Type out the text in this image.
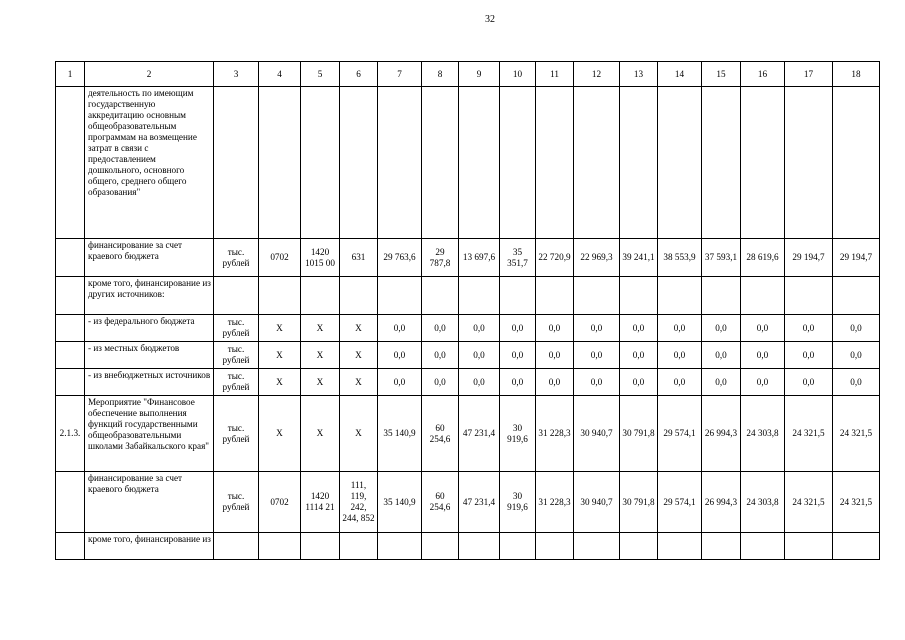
32
1	2	3	4	5	6	7	8	9	10	11	12	13	14	15	16	17	18
	деятельность по имеющим государственную аккредитацию основным общеобразовательным программам на возмещение затрат в связи с предоставлением дошкольного, основного общего, среднего общего образования"																
	финансирование за счет краевого бюджета	тыс. рублей	0702	1420 1015 00	631	29 763,6	29 787,8	13 697,6	35 351,7	22 720,9	22 969,3	39 241,1	38 553,9	37 593,1	28 619,6	29 194,7	29 194,7
	кроме того, финансирование из других источников:																
	- из федерального бюджета	тыс. рублей	X	X	X	0,0	0,0	0,0	0,0	0,0	0,0	0,0	0,0	0,0	0,0	0,0	0,0
	- из местных бюджетов	тыс. рублей	X	X	X	0,0	0,0	0,0	0,0	0,0	0,0	0,0	0,0	0,0	0,0	0,0	0,0
	- из внебюджетных источников	тыс. рублей	X	X	X	0,0	0,0	0,0	0,0	0,0	0,0	0,0	0,0	0,0	0,0	0,0	0,0
2.1.3.	Мероприятие "Финансовое обеспечение выполнения функций государственными общеобразовательными школами Забайкальского края"	тыс. рублей	X	X	X	35 140,9	60 254,6	47 231,4	30 919,6	31 228,3	30 940,7	30 791,8	29 574,1	26 994,3	24 303,8	24 321,5	24 321,5
	финансирование за счет краевого бюджета	тыс. рублей	0702	1420 1114 21	111, 119, 242, 244, 852	35 140,9	60 254,6	47 231,4	30 919,6	31 228,3	30 940,7	30 791,8	29 574,1	26 994,3	24 303,8	24 321,5	24 321,5
	кроме того, финансирование из																
